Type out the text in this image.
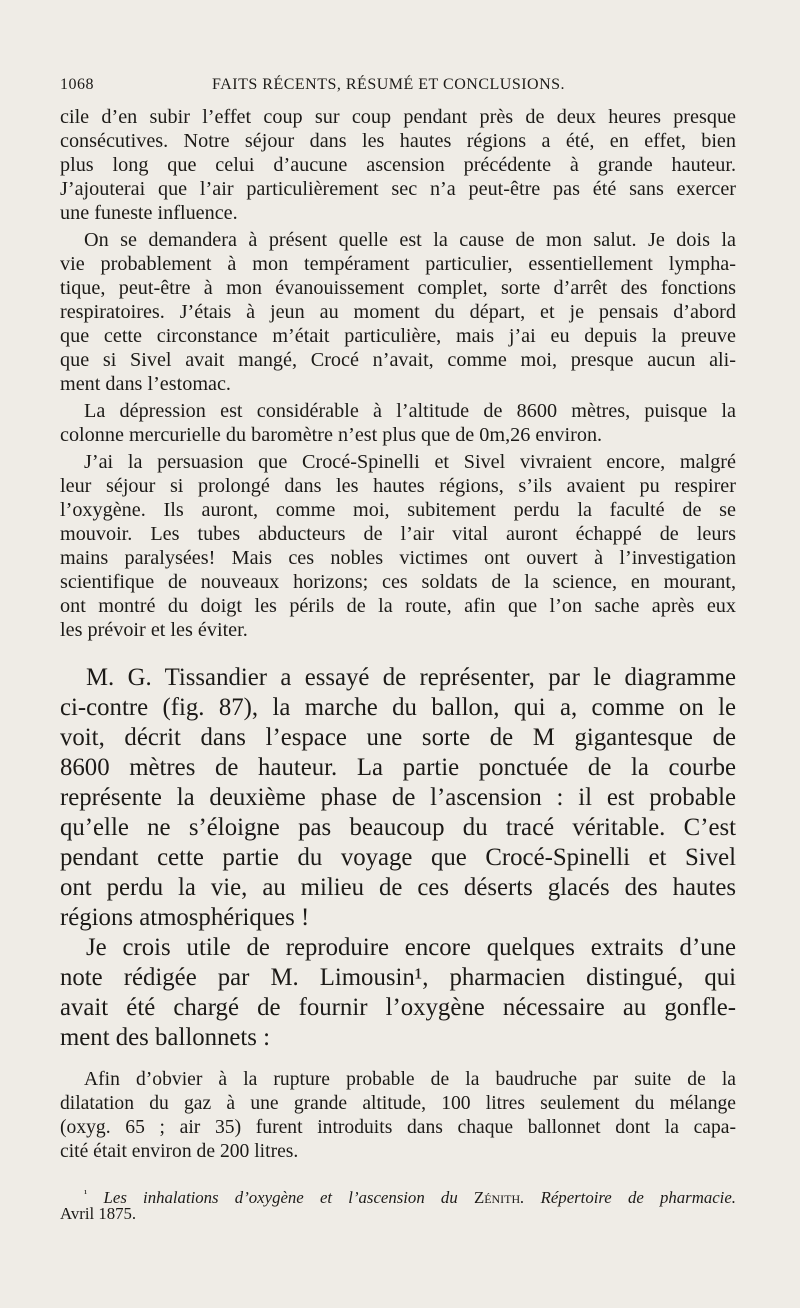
1068	FAITS RÉCENTS, RÉSUMÉ ET CONCLUSIONS.
cile d’en subir l’effet coup sur coup pendant près de deux heures presque
consécutives. Notre séjour dans les hautes régions a été, en effet, bien
plus long que celui d’aucune ascension précédente à grande hauteur.
J’ajouterai que l’air particulièrement sec n’a peut-être pas été sans exercer
une funeste influence.
On se demandera à présent quelle est la cause de mon salut. Je dois la
vie probablement à mon tempérament particulier, essentiellement lympha-
tique, peut-être à mon évanouissement complet, sorte d’arrêt des fonctions
respiratoires. J’étais à jeun au moment du départ, et je pensais d’abord
que cette circonstance m’était particulière, mais j’ai eu depuis la preuve
que si Sivel avait mangé, Crocé n’avait, comme moi, presque aucun ali-
ment dans l’estomac.
La dépression est considérable à l’altitude de 8600 mètres, puisque la
colonne mercurielle du baromètre n’est plus que de 0m,26 environ.
J’ai la persuasion que Crocé-Spinelli et Sivel vivraient encore, malgré
leur séjour si prolongé dans les hautes régions, s’ils avaient pu respirer
l’oxygène. Ils auront, comme moi, subitement perdu la faculté de se
mouvoir. Les tubes abducteurs de l’air vital auront échappé de leurs
mains paralysées! Mais ces nobles victimes ont ouvert à l’investigation
scientifique de nouveaux horizons; ces soldats de la science, en mourant,
ont montré du doigt les périls de la route, afin que l’on sache après eux
les prévoir et les éviter.
M. G. Tissandier a essayé de représenter, par le diagramme
ci-contre (fig. 87), la marche du ballon, qui a, comme on le
voit, décrit dans l’espace une sorte de M gigantesque de
8600 mètres de hauteur. La partie ponctuée de la courbe
représente la deuxième phase de l’ascension : il est probable
qu’elle ne s’éloigne pas beaucoup du tracé véritable. C’est
pendant cette partie du voyage que Crocé-Spinelli et Sivel
ont perdu la vie, au milieu de ces déserts glacés des hautes
régions atmosphériques !
Je crois utile de reproduire encore quelques extraits d’une
note rédigée par M. Limousin¹, pharmacien distingué, qui
avait été chargé de fournir l’oxygène nécessaire au gonfle-
ment des ballonnets :
Afin d’obvier à la rupture probable de la baudruche par suite de la
dilatation du gaz à une grande altitude, 100 litres seulement du mélange
(oxyg. 65 ; air 35) furent introduits dans chaque ballonnet dont la capa-
cité était environ de 200 litres.
$^{^1}$ Les inhalations d’oxygène et l’ascension du Zénith. Répertoire de pharmacie.
Avril 1875.
